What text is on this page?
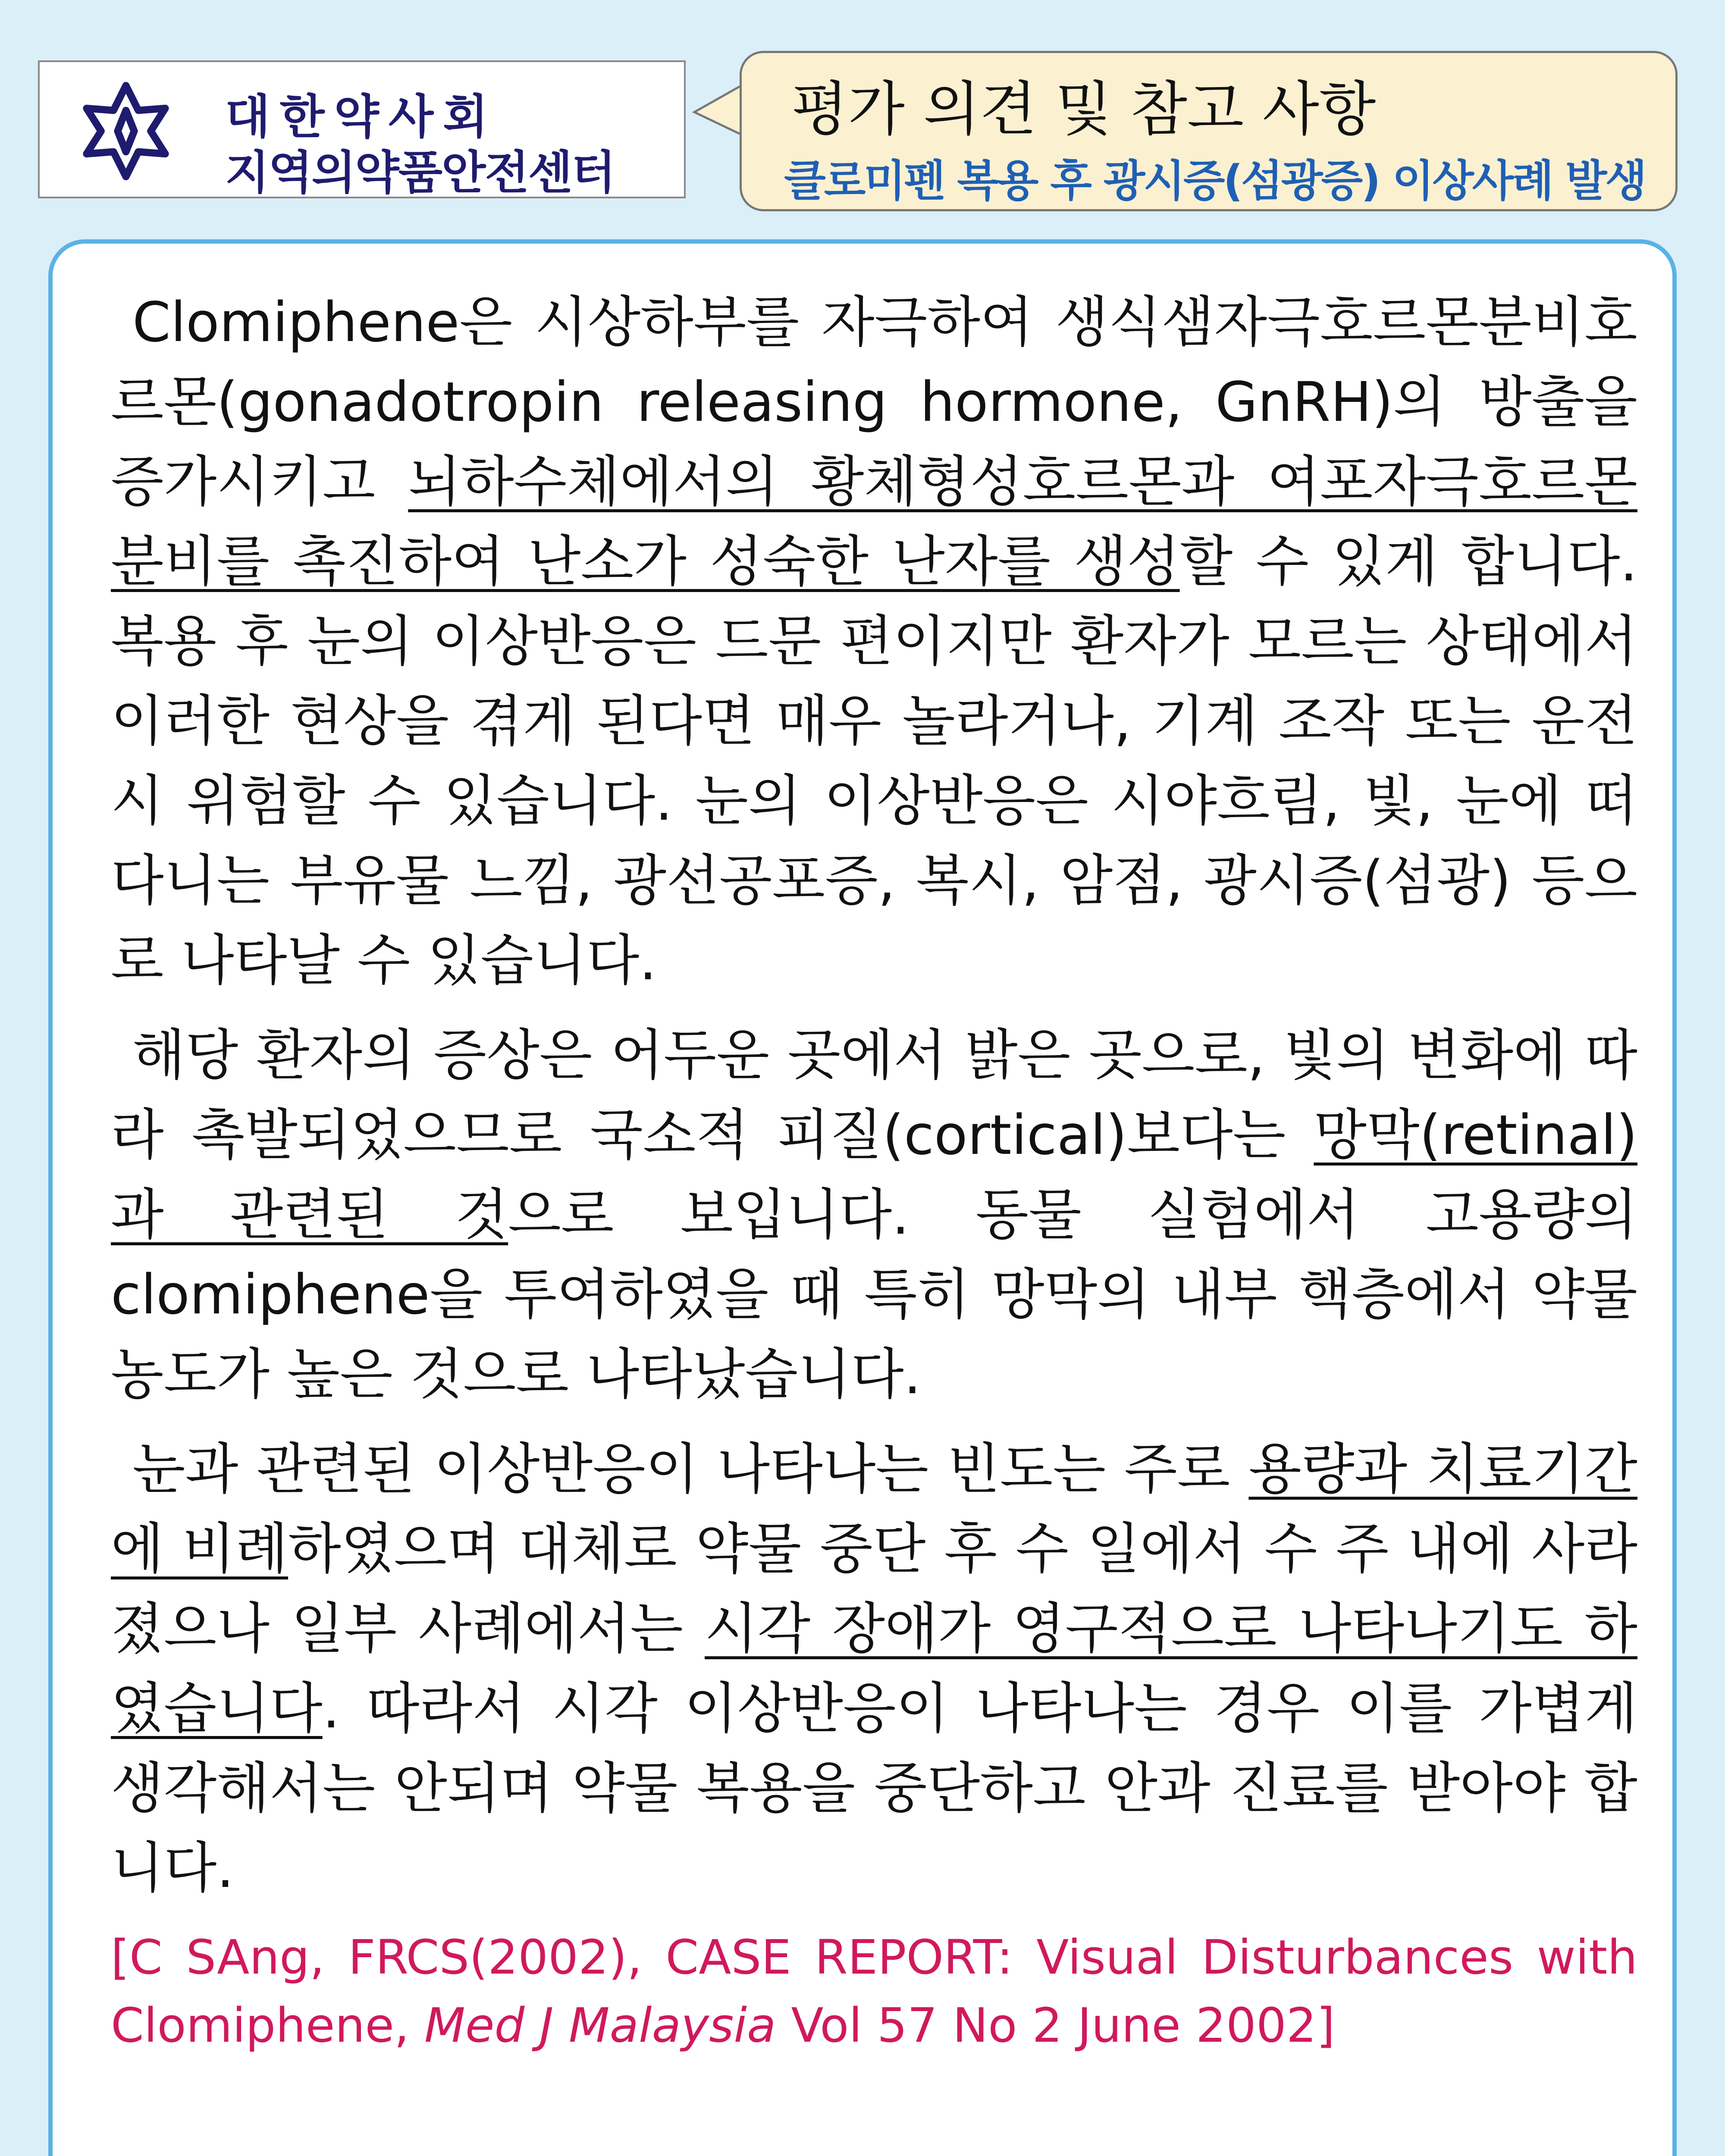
대한약사회
지역의약품안전센터
평가 의견 및 참고 사항
클로미펜 복용 후 광시증(섬광증) 이상사례 발생

Clomiphene은 시상하부를 자극하여 생식샘자극호르몬분비호르몬(gonadotropin releasing hormone, GnRH)의 방출을 증가시키고 뇌하수체에서의 황체형성호르몬과 여포자극호르몬 분비를 촉진하여 난소가 성숙한 난자를 생성할 수 있게 합니다. 복용 후 눈의 이상반응은 드문 편이지만 환자가 모르는 상태에서 이러한 현상을 겪게 된다면 매우 놀라거나, 기계 조작 또는 운전 시 위험할 수 있습니다. 눈의 이상반응은 시야흐림, 빛, 눈에 떠다니는 부유물 느낌, 광선공포증, 복시, 암점, 광시증(섬광) 등으로 나타날 수 있습니다.

해당 환자의 증상은 어두운 곳에서 밝은 곳으로, 빛의 변화에 따라 촉발되었으므로 국소적 피질(cortical)보다는 망막(retinal)과 관련된 것으로 보입니다. 동물 실험에서 고용량의 clomiphene을 투여하였을 때 특히 망막의 내부 핵층에서 약물농도가 높은 것으로 나타났습니다.

눈과 관련된 이상반응이 나타나는 빈도는 주로 용량과 치료기간에 비례하였으며 대체로 약물 중단 후 수 일에서 수 주 내에 사라졌으나 일부 사례에서는 시각 장애가 영구적으로 나타나기도 하였습니다. 따라서 시각 이상반응이 나타나는 경우 이를 가볍게 생각해서는 안되며 약물 복용을 중단하고 안과 진료를 받아야 합니다.

[C SAng, FRCS(2002), CASE REPORT: Visual Disturbances with Clomiphene, Med J Malaysia Vol 57 No 2 June 2002]
